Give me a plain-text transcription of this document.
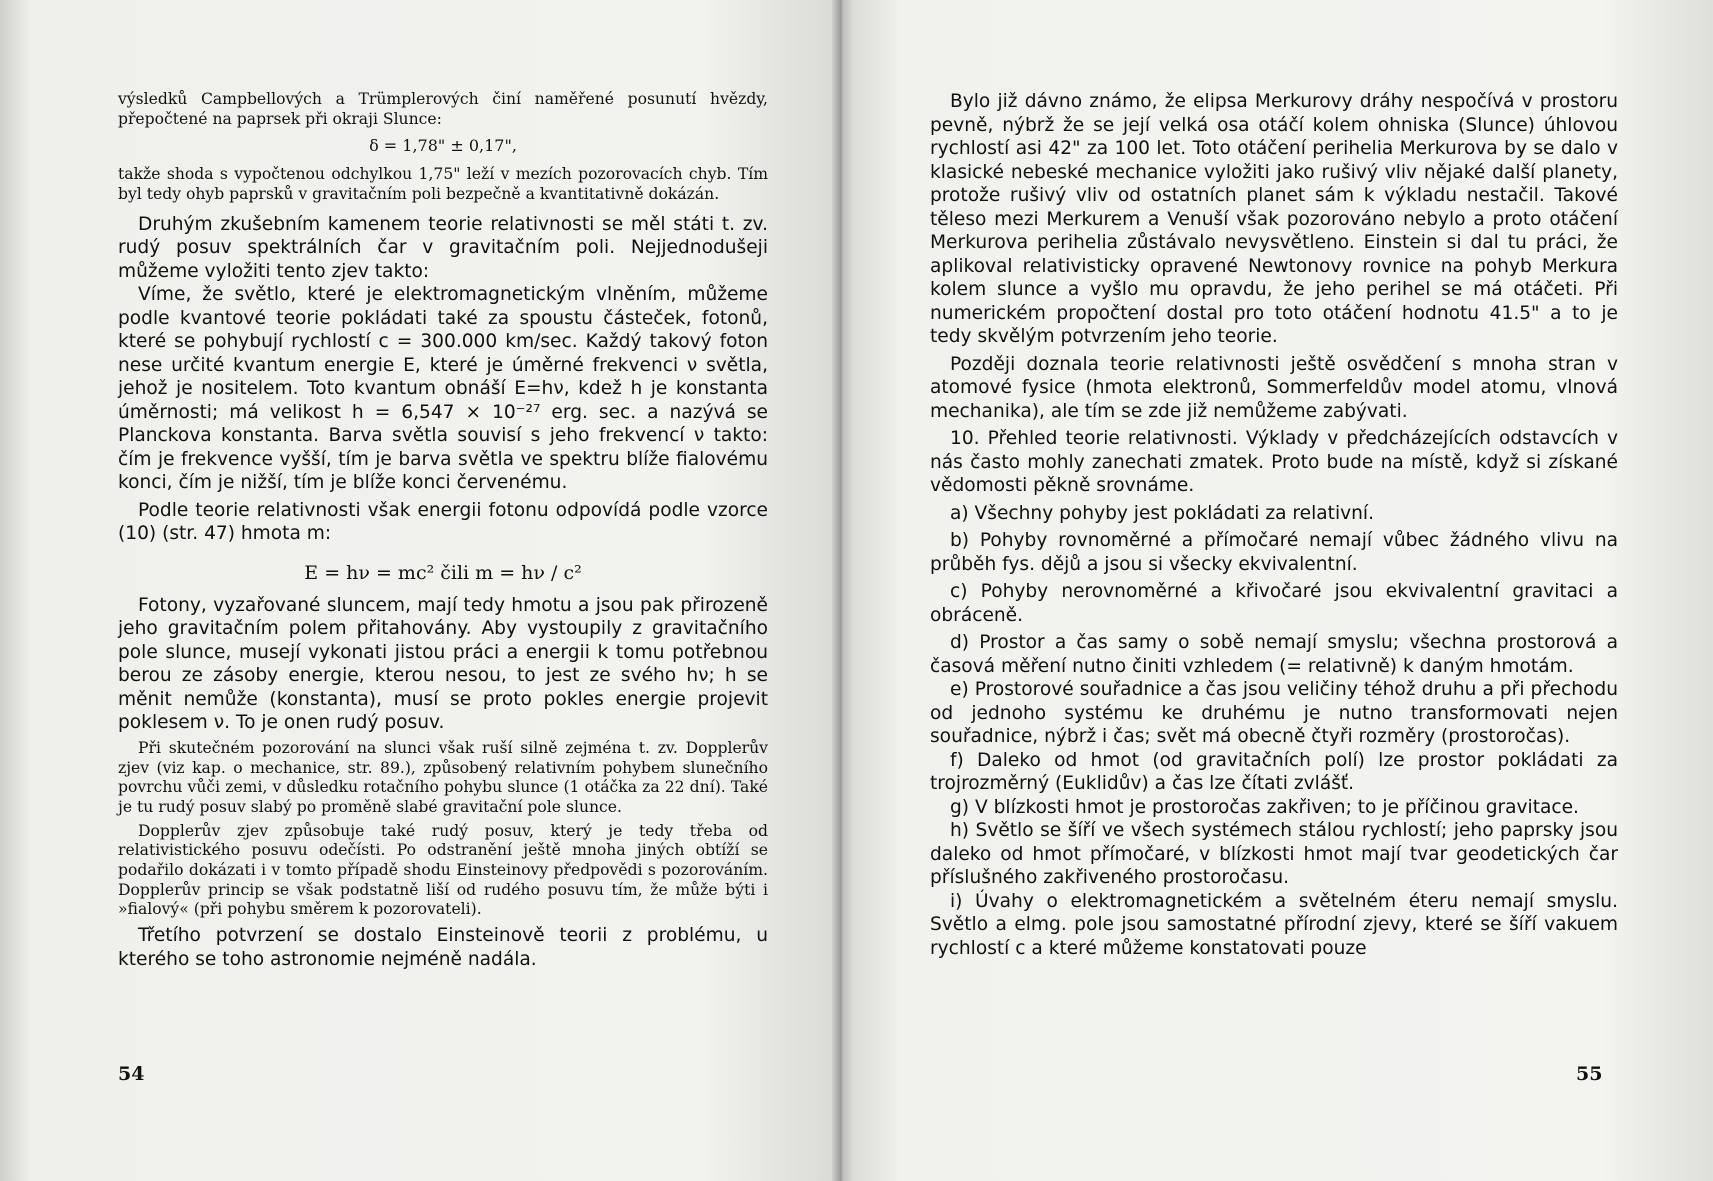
výsledků Campbellových a Trümplerových činí naměřené posunutí hvězdy, přepočtené na paprsek při okraji Slunce:

δ = 1,78" ± 0,17",

takže shoda s vypočtenou odchylkou 1,75" leží v mezích pozorovacích chyb. Tím byl tedy ohyb paprsků v gravitačním poli bezpečně a kvantitativně dokázán.

Druhým zkušebním kamenem teorie relativnosti se měl státi t. zv. rudý posuv spektrálních čar v gravitačním poli. Nejjednodušeji můžeme vyložiti tento zjev takto:

Víme, že světlo, které je elektromagnetickým vlněním, můžeme podle kvantové teorie pokládati také za spoustu částeček, fotonů, které se pohybují rychlostí c = 300.000 km/sec. Každý takový foton nese určité kvantum energie E, které je úměrné frekvenci ν světla, jehož je nositelem. Toto kvantum obnáší E=hν, kdež h je konstanta úměrnosti; má velikost h = 6,547 × 10⁻²⁷ erg. sec. a nazývá se Planckova konstanta. Barva světla souvisí s jeho frekvencí ν takto: čím je frekvence vyšší, tím je barva světla ve spektru blíže fialovému konci, čím je nižší, tím je blíže konci červenému.

Podle teorie relativnosti však energii fotonu odpovídá podle vzorce (10) (str. 47) hmota m:

E = hν = mc² čili m = hν / c²

Fotony, vyzařované sluncem, mají tedy hmotu a jsou pak přirozeně jeho gravitačním polem přitahovány. Aby vystoupily z gravitačního pole slunce, musejí vykonati jistou práci a energii k tomu potřebnou berou ze zásoby energie, kterou nesou, to jest ze svého hν; h se měnit nemůže (konstanta), musí se proto pokles energie projevit poklesem ν. To je onen rudý posuv.

Při skutečném pozorování na slunci však ruší silně zejména t. zv. Dopplerův zjev (viz kap. o mechanice, str. 89.), způsobený relativním pohybem slunečního povrchu vůči zemi, v důsledku rotačního pohybu slunce (1 otáčka za 22 dní). Také je tu rudý posuv slabý po proměně slabé gravitační pole slunce.

Dopplerův zjev způsobuje také rudý posuv, který je tedy třeba od relativistického posuvu odečísti. Po odstranění ještě mnoha jiných obtíží se podařilo dokázati i v tomto případě shodu Einsteinovy předpovědi s pozorováním. Dopplerův princip se však podstatně liší od rudého posuvu tím, že může býti i »fialový« (při pohybu směrem k pozorovateli).

Třetího potvrzení se dostalo Einsteinově teorii z problému, u kterého se toho astronomie nejméně nadála.

54

Bylo již dávno známo, že elipsa Merkurovy dráhy nespočívá v prostoru pevně, nýbrž že se její velká osa otáčí kolem ohniska (Slunce) úhlovou rychlostí asi 42" za 100 let. Toto otáčení perihelia Merkurova by se dalo v klasické nebeské mechanice vyložiti jako rušivý vliv nějaké další planety, protože rušivý vliv od ostatních planet sám k výkladu nestačil. Takové těleso mezi Merkurem a Venuší však pozorováno nebylo a proto otáčení Merkurova perihelia zůstávalo nevysvětleno. Einstein si dal tu práci, že aplikoval relativisticky opravené Newtonovy rovnice na pohyb Merkura kolem slunce a vyšlo mu opravdu, že jeho perihel se má otáčeti. Při numerickém propočtení dostal pro toto otáčení hodnotu 41.5" a to je tedy skvělým potvrzením jeho teorie.

Později doznala teorie relativnosti ještě osvědčení s mnoha stran v atomové fysice (hmota elektronů, Sommerfeldův model atomu, vlnová mechanika), ale tím se zde již nemůžeme zabývati.

10. Přehled teorie relativnosti. Výklady v předcházejících odstavcích v nás často mohly zanechati zmatek. Proto bude na místě, když si získané vědomosti pěkně srovnáme.

a) Všechny pohyby jest pokládati za relativní.

b) Pohyby rovnoměrné a přímočaré nemají vůbec žádného vlivu na průběh fys. dějů a jsou si všecky ekvivalentní.

c) Pohyby nerovnoměrné a křivočaré jsou ekvivalentní gravitaci a obráceně.

d) Prostor a čas samy o sobě nemají smyslu; všechna prostorová a časová měření nutno činiti vzhledem (= relativně) k daným hmotám.

e) Prostorové souřadnice a čas jsou veličiny téhož druhu a při přechodu od jednoho systému ke druhému je nutno transformovati nejen souřadnice, nýbrž i čas; svět má obecně čtyři rozměry (prostoročas).

f) Daleko od hmot (od gravitačních polí) lze prostor pokládati za trojrozměrný (Euklidův) a čas lze čítati zvlášť.

g) V blízkosti hmot je prostoročas zakřiven; to je příčinou gravitace.

h) Světlo se šíří ve všech systémech stálou rychlostí; jeho paprsky jsou daleko od hmot přímočaré, v blízkosti hmot mají tvar geodetických čar příslušného zakřiveného prostoročasu.

i) Úvahy o elektromagnetickém a světelném éteru nemají smyslu. Světlo a elmg. pole jsou samostatné přírodní zjevy, které se šíří vakuem rychlostí c a které můžeme konstatovati pouze

55
